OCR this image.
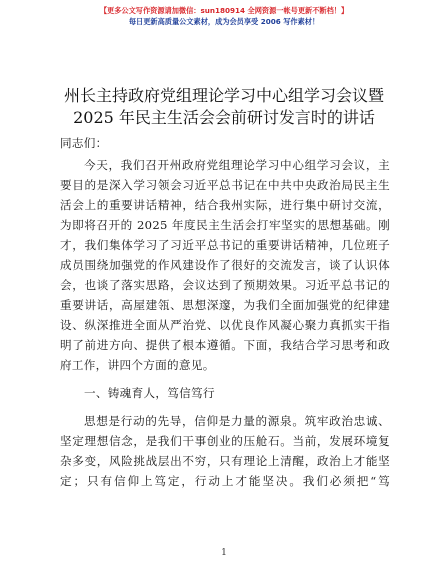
【更多公文写作资源请加微信：sun180914 全网资源一帐号更新不断档！】
每日更新高质量公文素材，成为会员享受 2006 写作素材！
州长主持政府党组理论学习中心组学习会议暨
2025 年民主生活会会前研讨发言时的讲话
同志们：
今天，我们召开州政府党组理论学习中心组学习会议，主
要目的是深入学习领会习近平总书记在中共中央政治局民主生
活会上的重要讲话精神，结合我州实际，进行集中研讨交流，
为即将召开的 2025 年度民主生活会打牢坚实的思想基础。刚
才，我们集体学习了习近平总书记的重要讲话精神，几位班子
成员围绕加强党的作风建设作了很好的交流发言，谈了认识体
会，也谈了落实思路，会议达到了预期效果。习近平总书记的
重要讲话，高屋建瓴、思想深邃，为我们全面加强党的纪律建
设、纵深推进全面从严治党、以优良作风凝心聚力真抓实干指
明了前进方向、提供了根本遵循。下面，我结合学习思考和政
府工作，讲四个方面的意见。
一、铸魂育人，笃信笃行
思想是行动的先导，信仰是力量的源泉。筑牢政治忠诚、
坚定理想信念，是我们干事创业的压舱石。当前，发展环境复
杂多变，风险挑战层出不穷，只有理论上清醒，政治上才能坚
定；只有信仰上笃定，行动上才能坚决。我们必须把“笃
1
